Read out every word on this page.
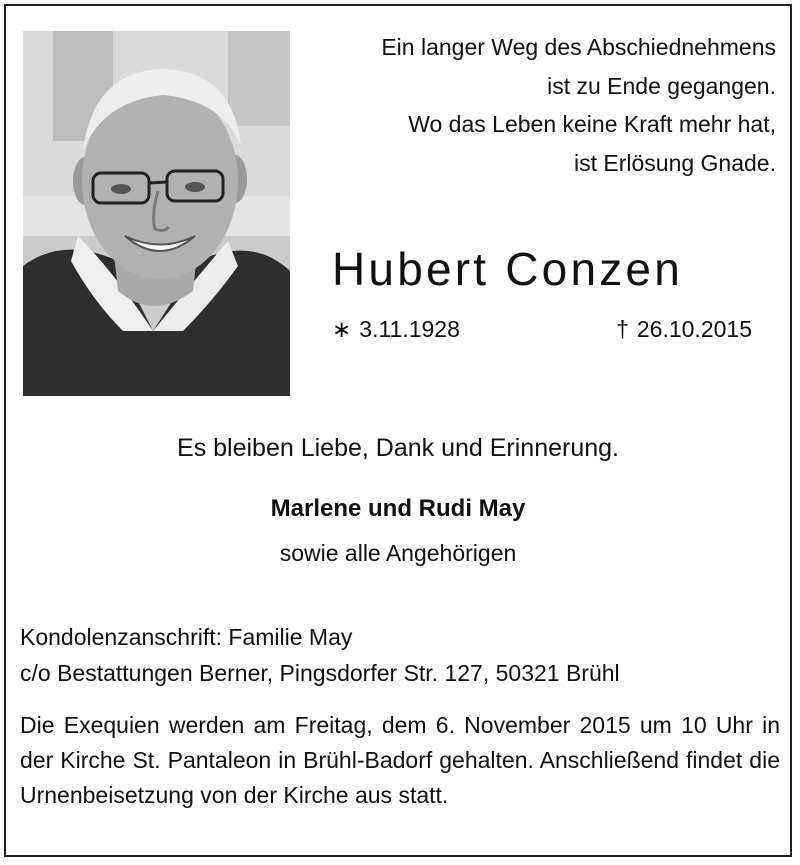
Ein langer Weg des Abschiednehmens
ist zu Ende gegangen.
Wo das Leben keine Kraft mehr hat,
ist Erlösung Gnade.
Hubert Conzen
∗ 3.11.1928	† 26.10.2015
Es bleiben Liebe, Dank und Erinnerung.
Marlene und Rudi May
sowie alle Angehörigen
Kondolenzanschrift: Familie May
c/o Bestattungen Berner, Pingsdorfer Str. 127, 50321 Brühl
Die Exequien werden am Freitag, dem 6. November 2015 um 10 Uhr in der Kirche St. Pantaleon in Brühl-Badorf gehalten. Anschließend findet die Urnenbeisetzung von der Kirche aus statt.
